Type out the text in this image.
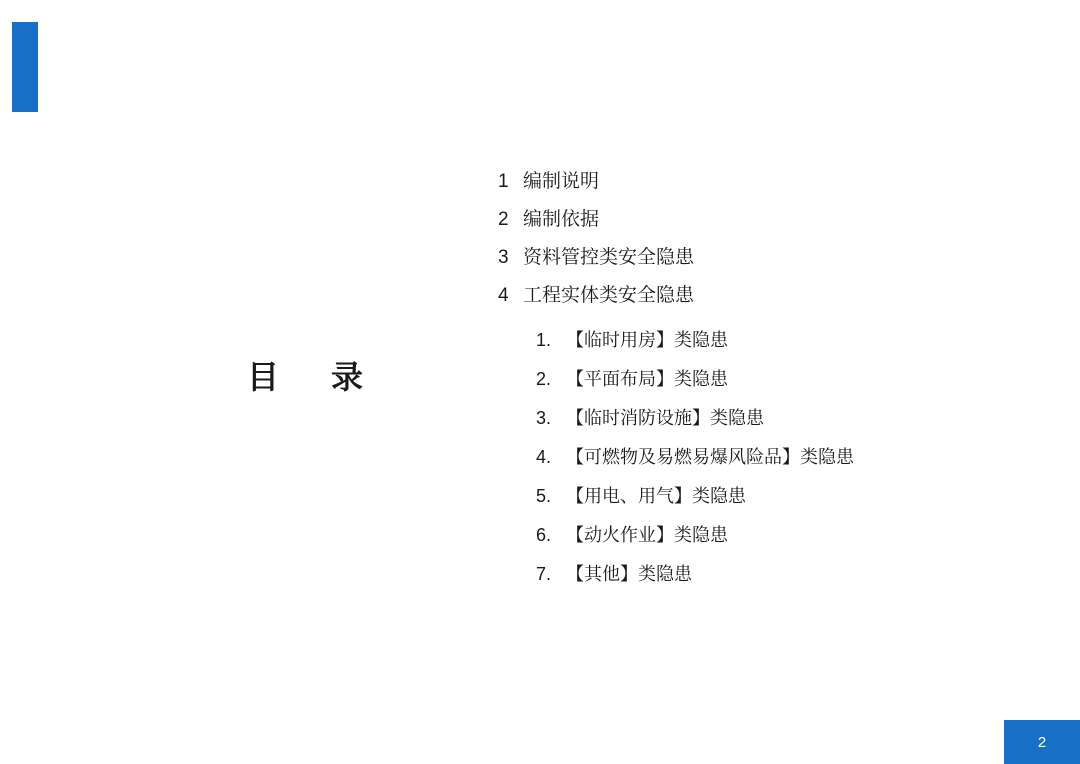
目　录
1 编制说明
2 编制依据
3 资料管控类安全隐患
4 工程实体类安全隐患
1. 【临时用房】类隐患
2. 【平面布局】类隐患
3. 【临时消防设施】类隐患
4. 【可燃物及易燃易爆风险品】类隐患
5. 【用电、用气】类隐患
6. 【动火作业】类隐患
7. 【其他】类隐患
2
